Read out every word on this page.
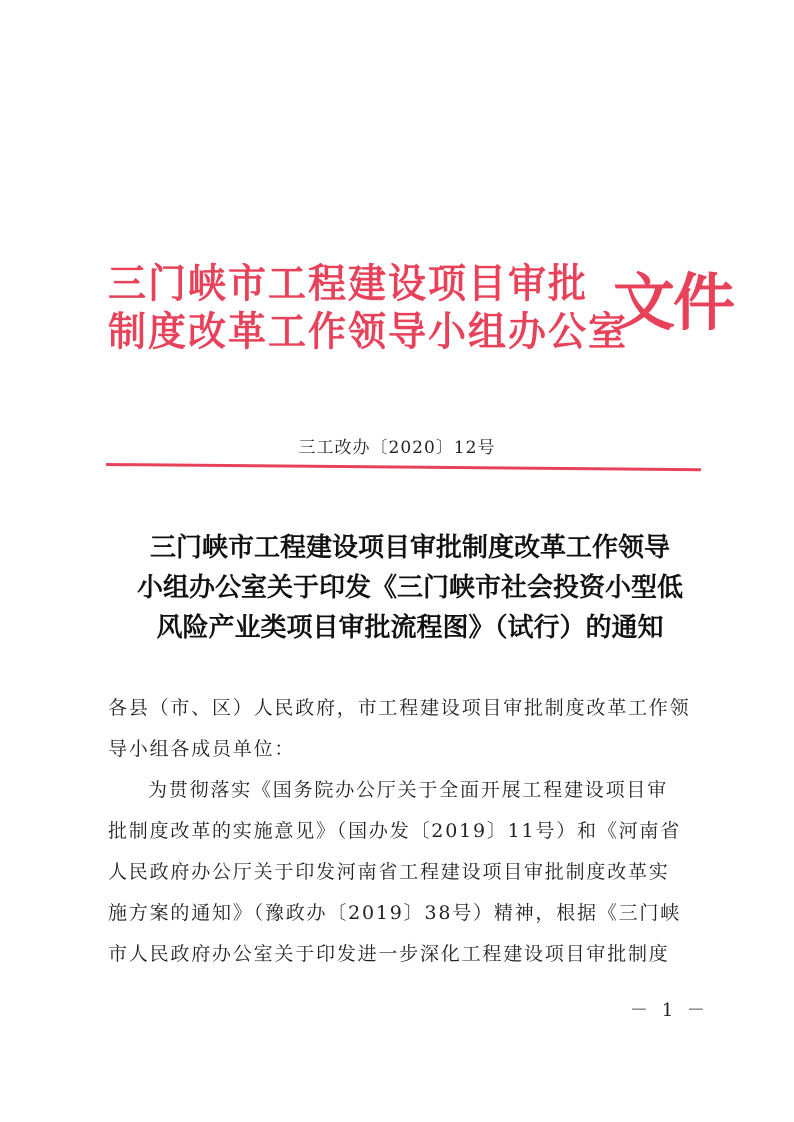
三门峡市工程建设项目审批
制度改革工作领导小组办公室
文件
三工改办〔2020〕12号
三门峡市工程建设项目审批制度改革工作领导
小组办公室关于印发《三门峡市社会投资小型低
风险产业类项目审批流程图》（试行）的通知

各县（市、区）人民政府，市工程建设项目审批制度改革工作领

导小组各成员单位：

为贯彻落实《国务院办公厅关于全面开展工程建设项目审

批制度改革的实施意见》（国办发〔2019〕11号）和《河南省

人民政府办公厅关于印发河南省工程建设项目审批制度改革实

施方案的通知》（豫政办〔2019〕38号）精神，根据《三门峡

市人民政府办公室关于印发进一步深化工程建设项目审批制度

－ 1 －
